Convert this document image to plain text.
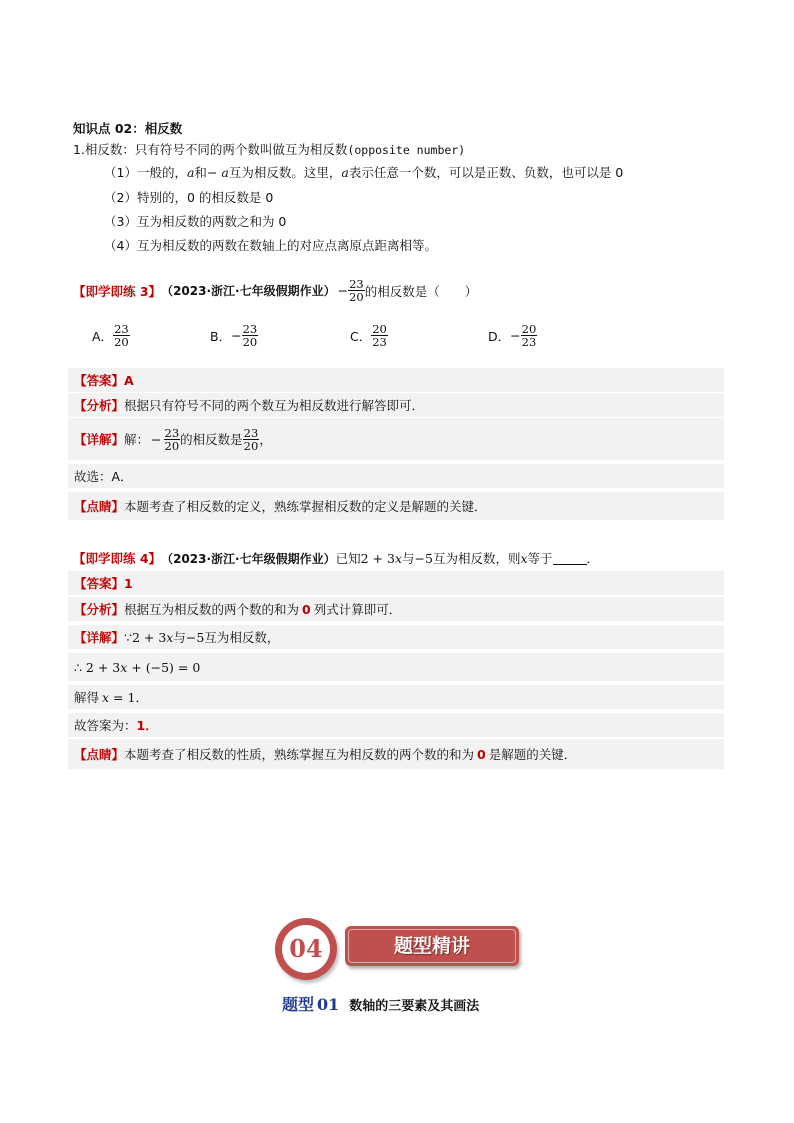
知识点 02：相反数
1.相反数：只有符号不同的两个数叫做互为相反数(opposite number)
（1）一般的，a和− a互为相反数。这里，a表示任意一个数，可以是正数、负数，也可以是 0
（2）特别的，0 的相反数是 0
（3）互为相反数的两数之和为 0
（4）互为相反数的两数在数轴上的对应点离原点距离相等。
【即学即练 3】 （2023·浙江·七年级假期作业） − $\frac{23}{20}$ 的相反数是（　　）
A． $\frac{23}{20}$	B． − $\frac{23}{20}$	C． $\frac{20}{23}$	D． − $\frac{20}{23}$
【答案】 A
【分析】 根据只有符号不同的两个数互为相反数进行解答即可．
【详解】 解： − $\frac{23}{20}$ 的相反数是 $\frac{23}{20}$ ，
故选： A．
【点睛】 本题考查了相反数的定义，熟练掌握相反数的定义是解题的关键．
【即学即练 4】 （2023·浙江·七年级假期作业） 已知 2 + 3 x 与 −5 互为相反数，则 x 等于	．
【答案】 1
【分析】 根据互为相反数的两个数的和为 0 列式计算即可．
【详解】 ∵ 2 + 3 x 与 −5 互为相反数，
∴ 2 + 3 x + (−5) = 0
解得 x = 1．
故答案为： 1．
【点睛】 本题考查了相反数的性质，熟练掌握互为相反数的两个数的和为 0 是解题的关键．
04	题型精讲
题型 01 数轴的三要素及其画法
